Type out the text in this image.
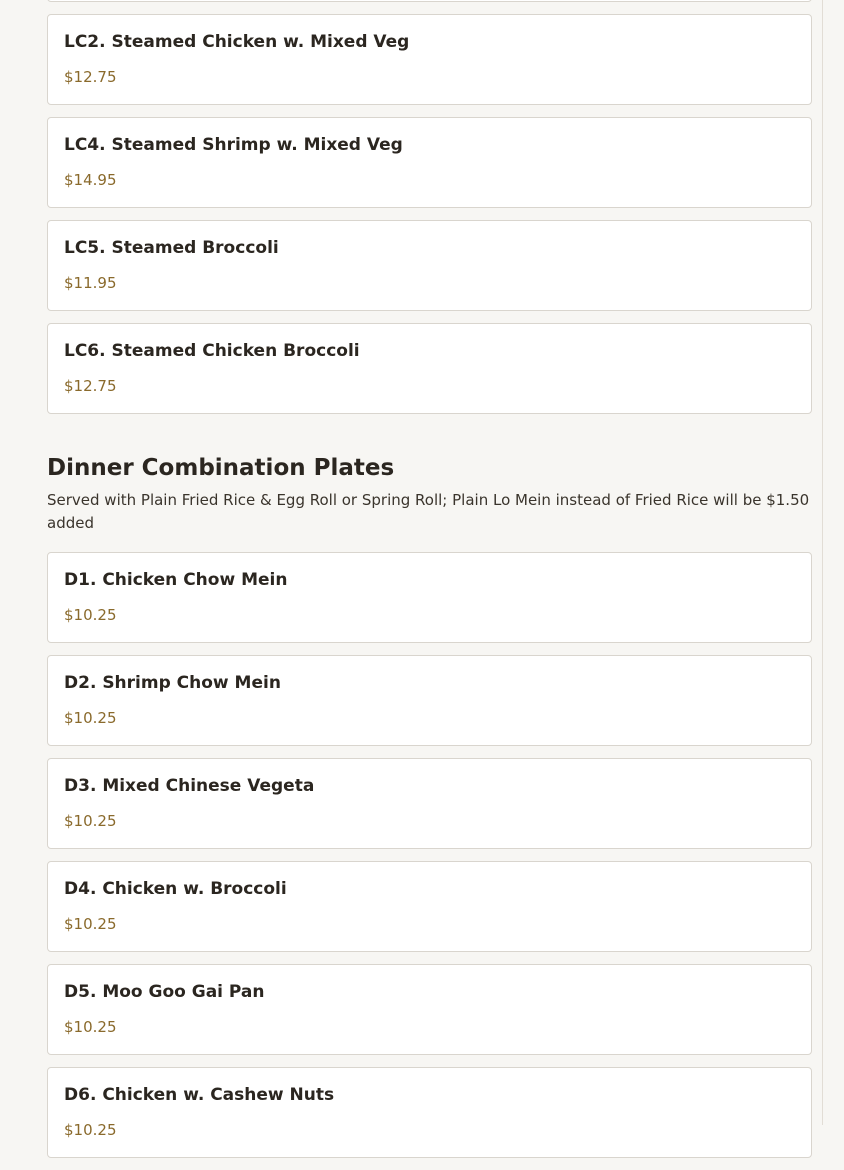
LC2. Steamed Chicken w. Mixed Veg
$12.75
LC4. Steamed Shrimp w. Mixed Veg
$14.95
LC5. Steamed Broccoli
$11.95
LC6. Steamed Chicken Broccoli
$12.75
Dinner Combination Plates
Served with Plain Fried Rice & Egg Roll or Spring Roll; Plain Lo Mein instead of Fried Rice will be $1.50 added
D1. Chicken Chow Mein
$10.25
D2. Shrimp Chow Mein
$10.25
D3. Mixed Chinese Vegeta
$10.25
D4. Chicken w. Broccoli
$10.25
D5. Moo Goo Gai Pan
$10.25
D6. Chicken w. Cashew Nuts
$10.25
